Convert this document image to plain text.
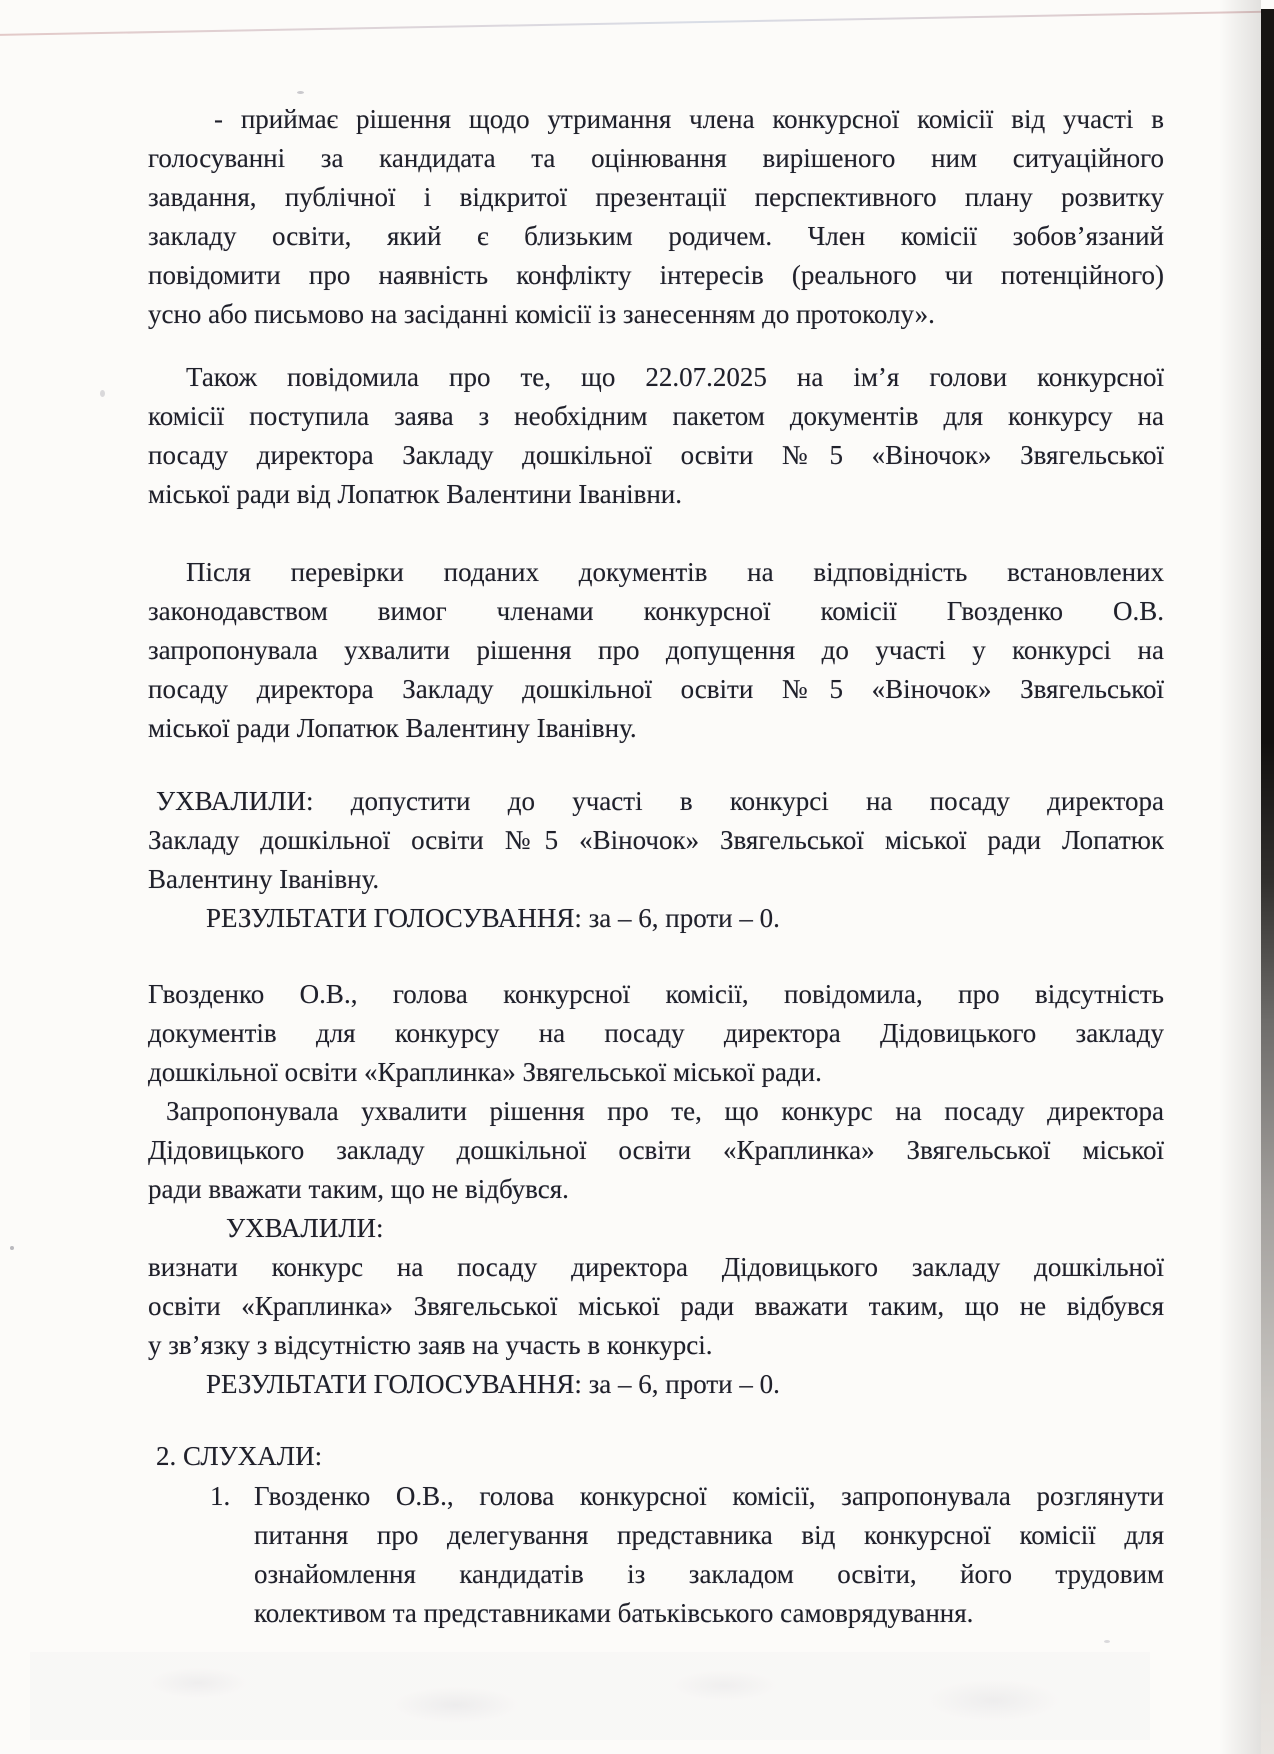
- приймає рішення щодо утримання члена конкурсної комісії від участі в
голосуванні за кандидата та оцінювання вирішеного ним ситуаційного
завдання, публічної і відкритої презентації перспективного плану розвитку
закладу освіти, який є близьким родичем. Член комісії зобов’язаний
повідомити про наявність конфлікту інтересів (реального чи потенційного)
усно або письмово на засіданні комісії із занесенням до протоколу».
Також повідомила про те, що 22.07.2025 на ім’я голови конкурсної
комісії поступила заява з необхідним пакетом документів для конкурсу на
посаду директора Закладу дошкільної освіти №5 «Віночок» Звягельської
міської ради від Лопатюк Валентини Іванівни.
Після перевірки поданих документів на відповідність встановлених
законодавством вимог членами конкурсної комісії Гвозденко О.В.
запропонувала ухвалити рішення про допущення до участі у конкурсі на
посаду директора Закладу дошкільної освіти №5 «Віночок» Звягельської
міської ради Лопатюк Валентину Іванівну.
УХВАЛИЛИ: допустити до участі в конкурсі на посаду директора
Закладу дошкільної освіти №5 «Віночок» Звягельської міської ради Лопатюк
Валентину Іванівну.
РЕЗУЛЬТАТИ ГОЛОСУВАННЯ: за – 6, проти – 0.
Гвозденко О.В., голова конкурсної комісії, повідомила, про відсутність
документів для конкурсу на посаду директора Дідовицького закладу
дошкільної освіти «Краплинка» Звягельської міської ради.
Запропонувала ухвалити рішення про те, що конкурс на посаду директора
Дідовицького закладу дошкільної освіти «Краплинка» Звягельської міської
ради вважати таким, що не відбувся.
УХВАЛИЛИ:
визнати конкурс на посаду директора Дідовицького закладу дошкільної
освіти «Краплинка» Звягельської міської ради вважати таким, що не відбувся
у зв’язку з відсутністю заяв на участь в конкурсі.
РЕЗУЛЬТАТИ ГОЛОСУВАННЯ: за – 6, проти – 0.
2. СЛУХАЛИ:
1. Гвозденко О.В., голова конкурсної комісії, запропонувала розглянути
питання про делегування представника від конкурсної комісії для
ознайомлення кандидатів із закладом освіти, його трудовим
колективом та представниками батьківського самоврядування.
